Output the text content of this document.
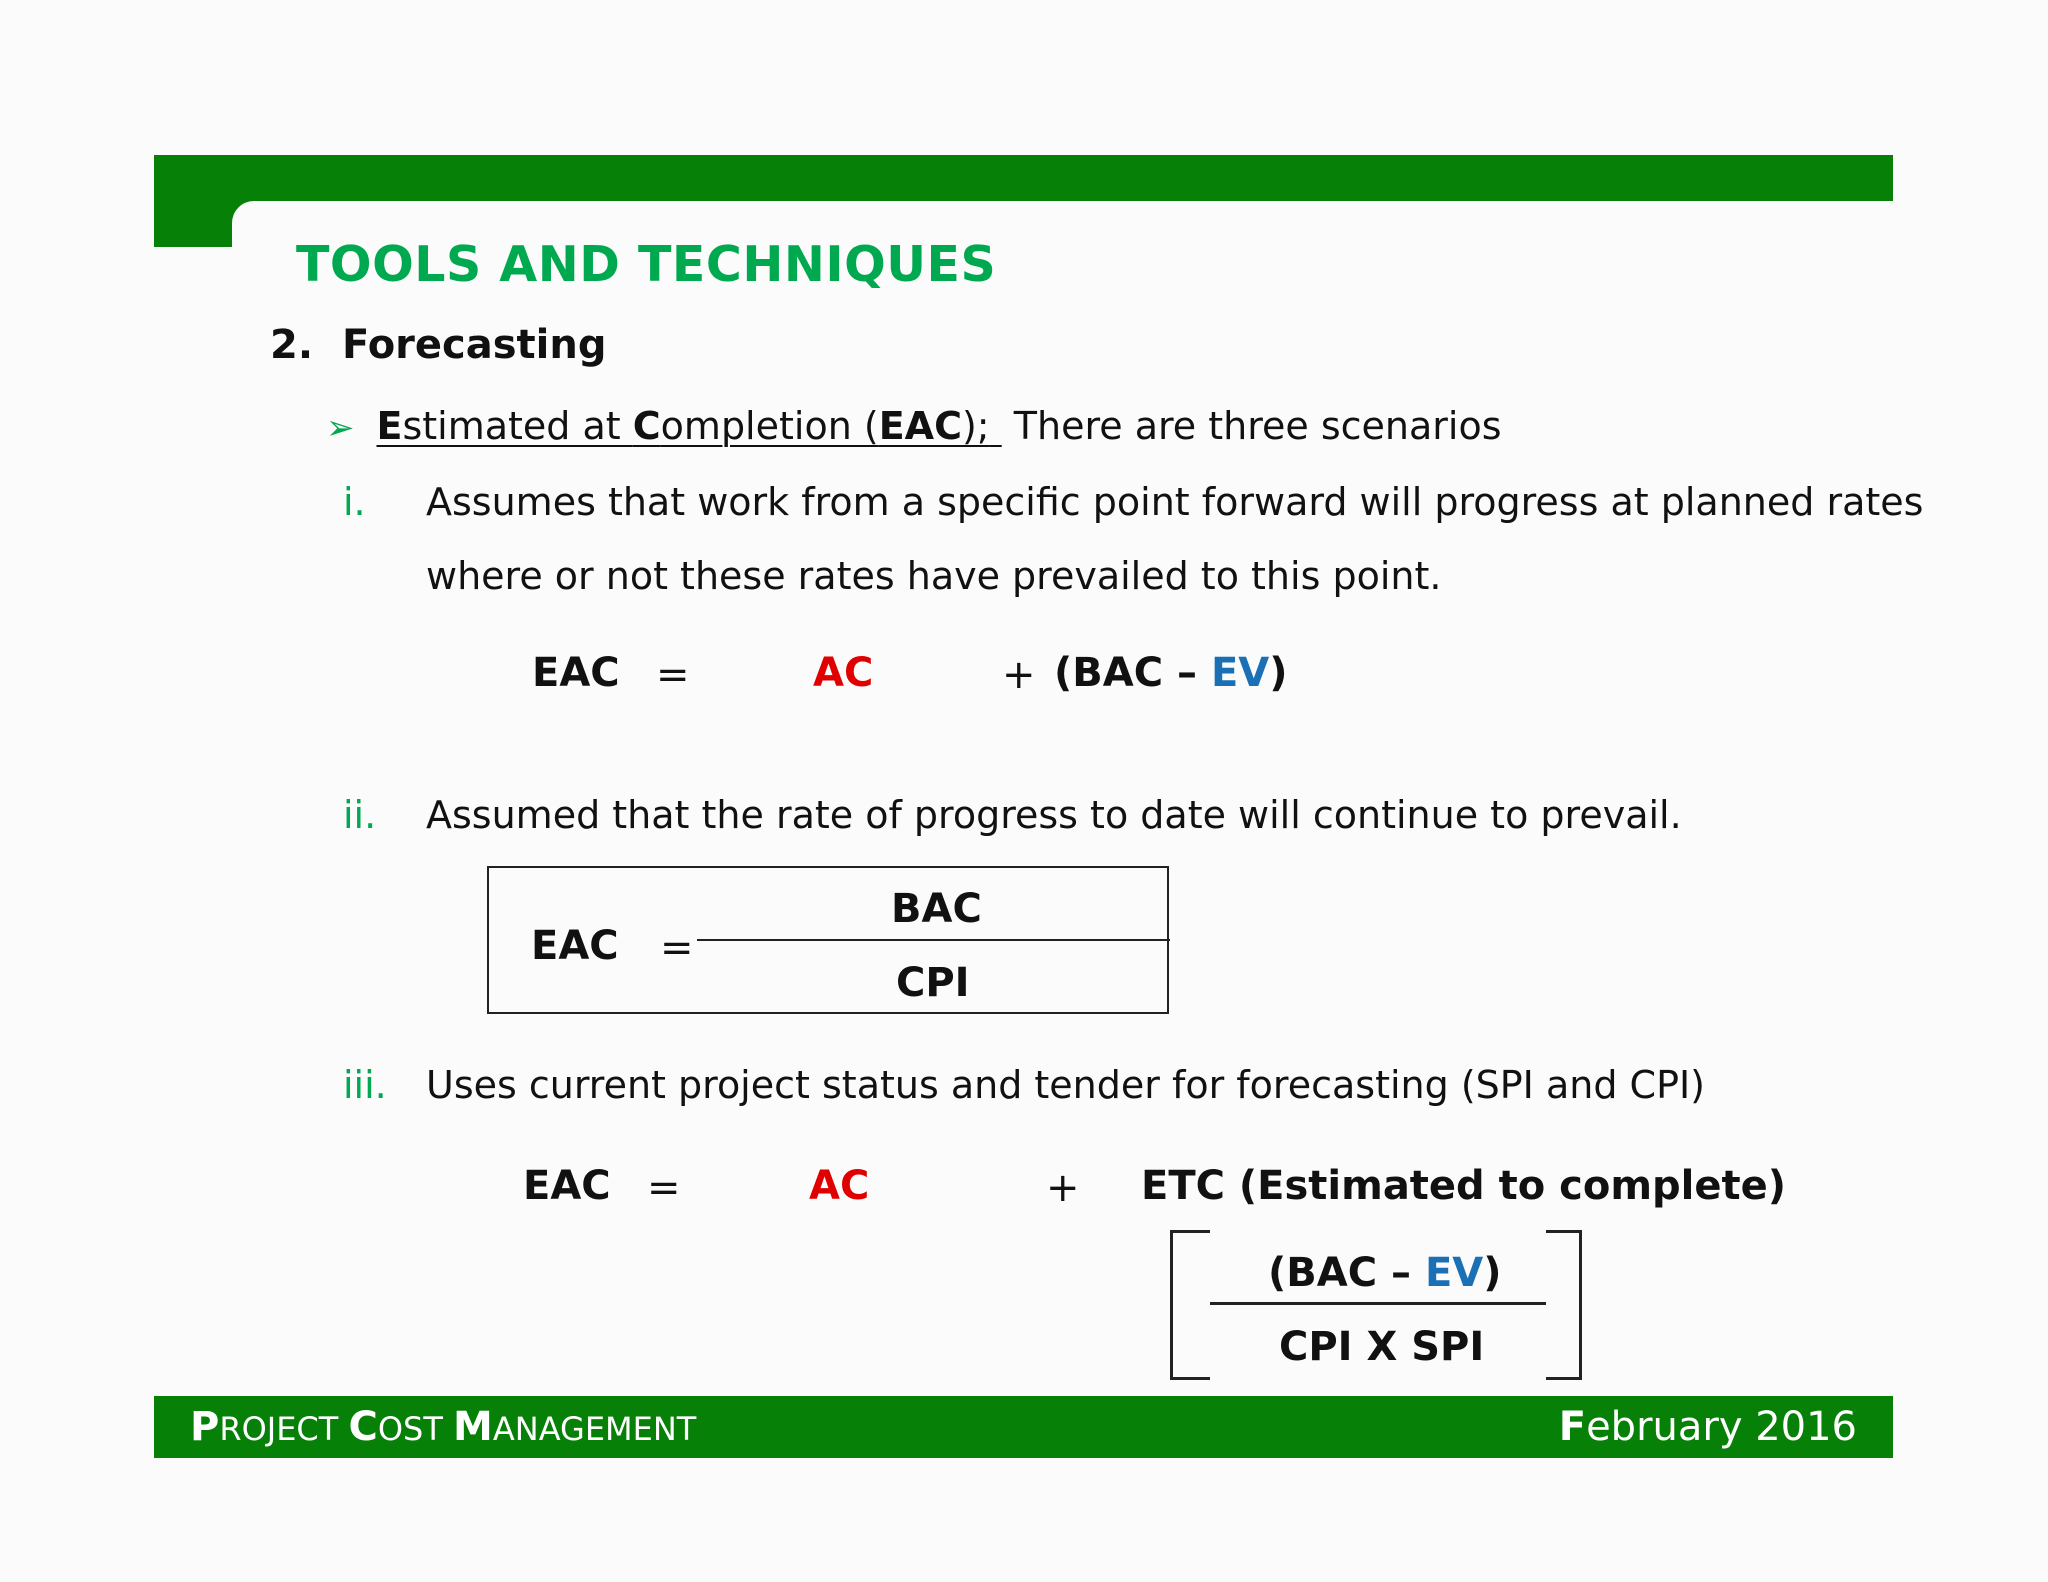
TOOLS AND TECHNIQUES
2. Forecasting
➢ Estimated at Completion (EAC);  There are three scenarios
i. Assumes that work from a specific point forward will progress at planned rates
where or not these rates have prevailed to this point.
EAC =	AC	+ (BAC – EV)
ii. Assumed that the rate of progress to date will continue to prevail.
EAC =
BAC
CPI
iii. Uses current project status and tender for forecasting (SPI and CPI)
EAC =	AC	+ ETC (Estimated to complete)
(BAC – EV)
CPI X SPI
PROJECT COST MANAGEMENT	February 2016
